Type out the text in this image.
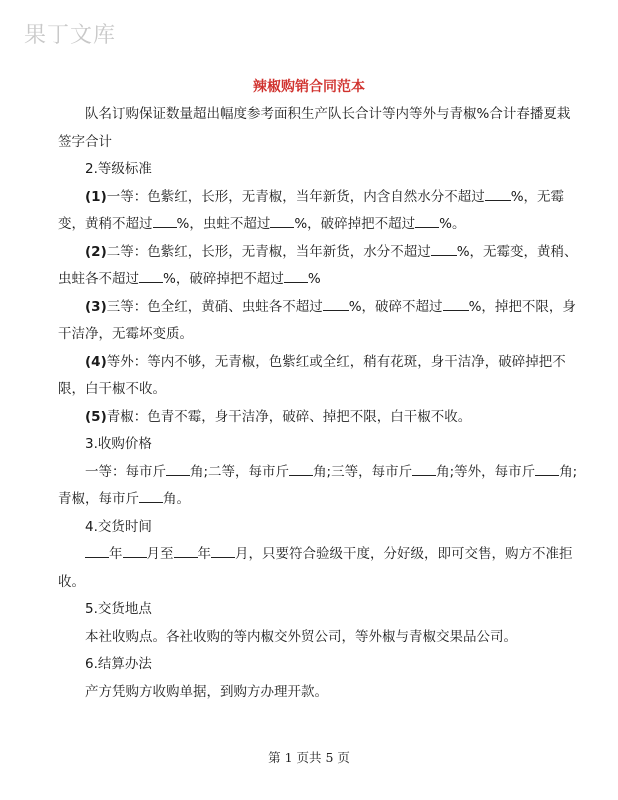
果丁文库
辣椒购销合同范本

队名订购保证数量超出幅度参考面积生产队长合计等内等外与青椒%合计春播夏栽签字合计

2.等级标准

(1)一等：色紫红，长形，无青椒，当年新货，内含自然水分不超过 %，无霉变，黄稍不超过 %，虫蛀不超过 %，破碎掉把不超过 %。

(2)二等：色紫红，长形，无青椒，当年新货，水分不超过 %，无霉变，黄稍、虫蛀各不超过 %，破碎掉把不超过 %

(3)三等：色全红，黄硝、虫蛀各不超过 %，破碎不超过 %，掉把不限，身干洁净，无霉坏变质。

(4)等外：等内不够，无青椒，色紫红或全红，稍有花斑，身干洁净，破碎掉把不限，白干椒不收。

(5)青椒：色青不霉，身干洁净，破碎、掉把不限，白干椒不收。

3.收购价格

一等：每市斤 角;二等，每市斤 角;三等，每市斤 角;等外，每市斤 角;青椒，每市斤 角。

4.交货时间

年 月至 年 月，只要符合验级干度，分好级，即可交售，购方不准拒收。

5.交货地点

本社收购点。各社收购的等内椒交外贸公司，等外椒与青椒交果品公司。

6.结算办法

产方凭购方收购单据，到购方办理开款。

第 1 页共 5 页
